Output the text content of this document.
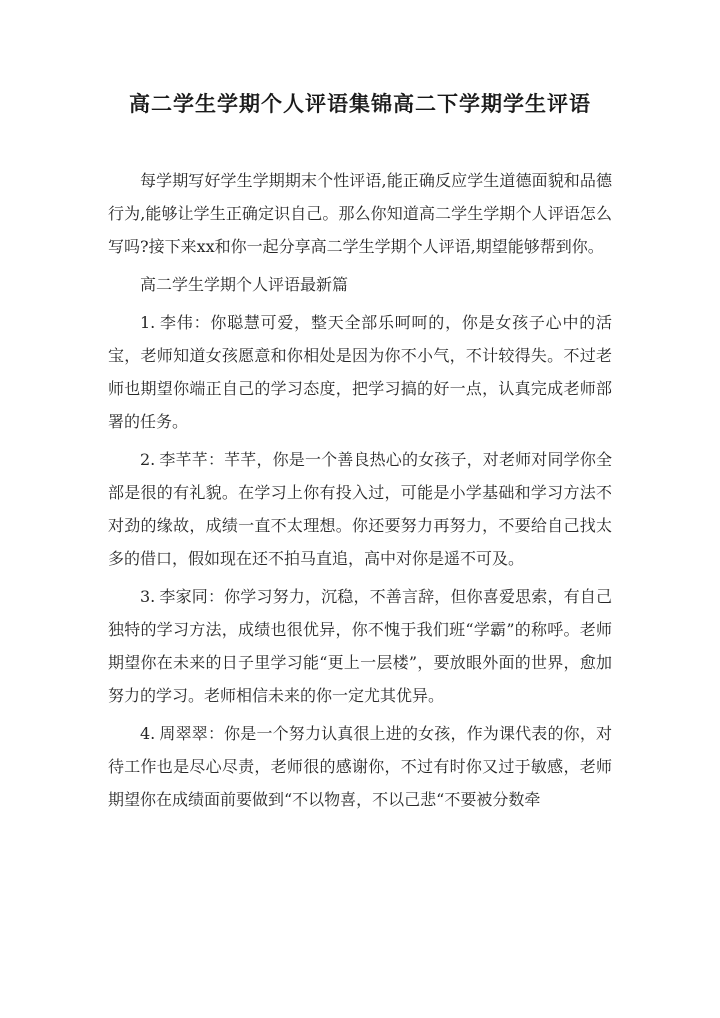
高二学生学期个人评语集锦高二下学期学生评语

每学期写好学生学期期末个性评语,能正确反应学生道德面貌和品德行为,能够让学生正确定识自己。那么你知道高二学生学期个人评语怎么写吗?接下来xx和你一起分享高二学生学期个人评语,期望能够帮到你。

高二学生学期个人评语最新篇

1. 李伟：你聪慧可爱，整天全部乐呵呵的，你是女孩子心中的活宝，老师知道女孩愿意和你相处是因为你不小气，不计较得失。不过老师也期望你端正自己的学习态度，把学习搞的好一点，认真完成老师部署的任务。

2. 李芊芊：芊芊，你是一个善良热心的女孩子，对老师对同学你全部是很的有礼貌。在学习上你有投入过，可能是小学基础和学习方法不对劲的缘故，成绩一直不太理想。你还要努力再努力，不要给自己找太多的借口，假如现在还不拍马直追，高中对你是遥不可及。

3. 李家同：你学习努力，沉稳，不善言辞，但你喜爱思索，有自己独特的学习方法，成绩也很优异，你不愧于我们班“学霸”的称呼。老师期望你在未来的日子里学习能“更上一层楼”，要放眼外面的世界，愈加努力的学习。老师相信未来的你一定尤其优异。

4. 周翠翠：你是一个努力认真很上进的女孩，作为课代表的你，对待工作也是尽心尽责，老师很的感谢你，不过有时你又过于敏感，老师期望你在成绩面前要做到“不以物喜，不以己悲“不要被分数牵
